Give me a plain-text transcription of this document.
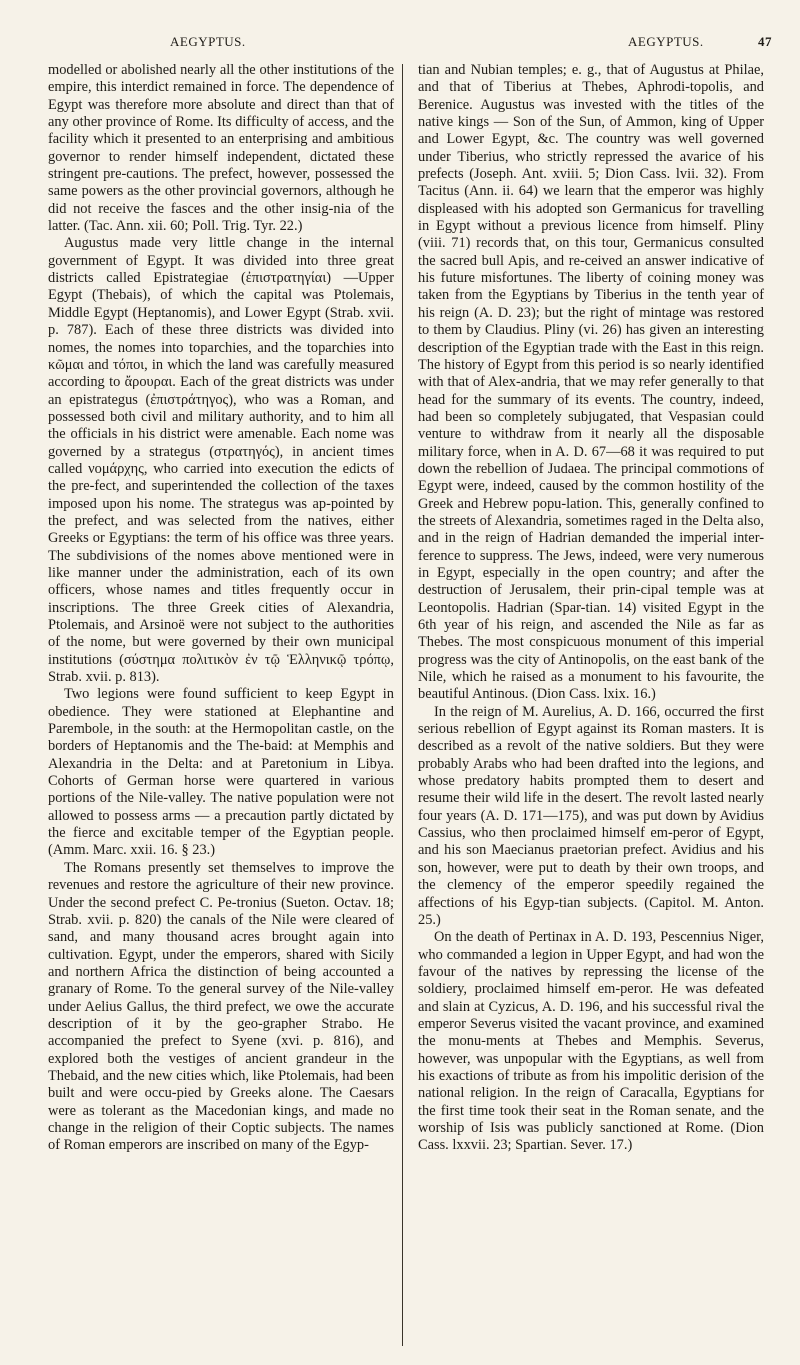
AEGYPTUS.	AEGYPTUS.	47

modelled or abolished nearly all the other institutions of the empire, this interdict remained in force. The dependence of Egypt was therefore more absolute and direct than that of any other province of Rome. Its difficulty of access, and the facility which it presented to an enterprising and ambitious governor to render himself independent, dictated these stringent pre-cautions. The prefect, however, possessed the same powers as the other provincial governors, although he did not receive the fasces and the other insig-nia of the latter. (Tac. Ann. xii. 60; Poll. Trig. Tyr. 22.)

Augustus made very little change in the internal government of Egypt. It was divided into three great districts called Epistrategiae (ἐπιστρατηγίαι) —Upper Egypt (Thebais), of which the capital was Ptolemais, Middle Egypt (Heptanomis), and Lower Egypt (Strab. xvii. p. 787). Each of these three districts was divided into nomes, the nomes into toparchies, and the toparchies into κῶμαι and τόποι, in which the land was carefully measured according to ἄρουραι. Each of the great districts was under an epistrategus (ἐπιστράτηγος), who was a Roman, and possessed both civil and military authority, and to him all the officials in his district were amenable. Each nome was governed by a strategus (στρατηγός), in ancient times called νομάρχης, who carried into execution the edicts of the pre-fect, and superintended the collection of the taxes imposed upon his nome. The strategus was ap-pointed by the prefect, and was selected from the natives, either Greeks or Egyptians: the term of his office was three years. The subdivisions of the nomes above mentioned were in like manner under the administration, each of its own officers, whose names and titles frequently occur in inscriptions. The three Greek cities of Alexandria, Ptolemais, and Arsinoë were not subject to the authorities of the nome, but were governed by their own municipal institutions (σύστημα πολιτικὸν ἐν τῷ Ἑλληνικῷ τρόπῳ, Strab. xvii. p. 813).

Two legions were found sufficient to keep Egypt in obedience. They were stationed at Elephantine and Parembole, in the south: at the Hermopolitan castle, on the borders of Heptanomis and the The-baid: at Memphis and Alexandria in the Delta: and at Paretonium in Libya. Cohorts of German horse were quartered in various portions of the Nile-valley. The native population were not allowed to possess arms — a precaution partly dictated by the fierce and excitable temper of the Egyptian people. (Amm. Marc. xxii. 16. § 23.)

The Romans presently set themselves to improve the revenues and restore the agriculture of their new province. Under the second prefect C. Pe-tronius (Sueton. Octav. 18; Strab. xvii. p. 820) the canals of the Nile were cleared of sand, and many thousand acres brought again into cultivation. Egypt, under the emperors, shared with Sicily and northern Africa the distinction of being accounted a granary of Rome. To the general survey of the Nile-valley under Aelius Gallus, the third prefect, we owe the accurate description of it by the geo-grapher Strabo. He accompanied the prefect to Syene (xvi. p. 816), and explored both the vestiges of ancient grandeur in the Thebaid, and the new cities which, like Ptolemais, had been built and were occu-pied by Greeks alone. The Caesars were as tolerant as the Macedonian kings, and made no change in the religion of their Coptic subjects. The names of Roman emperors are inscribed on many of the Egyp-

tian and Nubian temples; e. g., that of Augustus at Philae, and that of Tiberius at Thebes, Aphrodi-topolis, and Berenice. Augustus was invested with the titles of the native kings — Son of the Sun, of Ammon, king of Upper and Lower Egypt, &c. The country was well governed under Tiberius, who strictly repressed the avarice of his prefects (Joseph. Ant. xviii. 5; Dion Cass. lvii. 32). From Tacitus (Ann. ii. 64) we learn that the emperor was highly displeased with his adopted son Germanicus for travelling in Egypt without a previous licence from himself. Pliny (viii. 71) records that, on this tour, Germanicus consulted the sacred bull Apis, and re-ceived an answer indicative of his future misfortunes. The liberty of coining money was taken from the Egyptians by Tiberius in the tenth year of his reign (A. D. 23); but the right of mintage was restored to them by Claudius. Pliny (vi. 26) has given an interesting description of the Egyptian trade with the East in this reign. The history of Egypt from this period is so nearly identified with that of Alex-andria, that we may refer generally to that head for the summary of its events. The country, indeed, had been so completely subjugated, that Vespasian could venture to withdraw from it nearly all the disposable military force, when in A. D. 67—68 it was required to put down the rebellion of Judaea. The principal commotions of Egypt were, indeed, caused by the common hostility of the Greek and Hebrew popu-lation. This, generally confined to the streets of Alexandria, sometimes raged in the Delta also, and in the reign of Hadrian demanded the imperial inter-ference to suppress. The Jews, indeed, were very numerous in Egypt, especially in the open country; and after the destruction of Jerusalem, their prin-cipal temple was at Leontopolis. Hadrian (Spar-tian. 14) visited Egypt in the 6th year of his reign, and ascended the Nile as far as Thebes. The most conspicuous monument of this imperial progress was the city of Antinopolis, on the east bank of the Nile, which he raised as a monument to his favourite, the beautiful Antinous. (Dion Cass. lxix. 16.)

In the reign of M. Aurelius, A. D. 166, occurred the first serious rebellion of Egypt against its Roman masters. It is described as a revolt of the native soldiers. But they were probably Arabs who had been drafted into the legions, and whose predatory habits prompted them to desert and resume their wild life in the desert. The revolt lasted nearly four years (A. D. 171—175), and was put down by Avidius Cassius, who then proclaimed himself em-peror of Egypt, and his son Maecianus praetorian prefect. Avidius and his son, however, were put to death by their own troops, and the clemency of the emperor speedily regained the affections of his Egyp-tian subjects. (Capitol. M. Anton. 25.)

On the death of Pertinax in A. D. 193, Pescennius Niger, who commanded a legion in Upper Egypt, and had won the favour of the natives by repressing the license of the soldiery, proclaimed himself em-peror. He was defeated and slain at Cyzicus, A. D. 196, and his successful rival the emperor Severus visited the vacant province, and examined the monu-ments at Thebes and Memphis. Severus, however, was unpopular with the Egyptians, as well from his exactions of tribute as from his impolitic derision of the national religion. In the reign of Caracalla, Egyptians for the first time took their seat in the Roman senate, and the worship of Isis was publicly sanctioned at Rome. (Dion Cass. lxxvii. 23; Spartian. Sever. 17.)
